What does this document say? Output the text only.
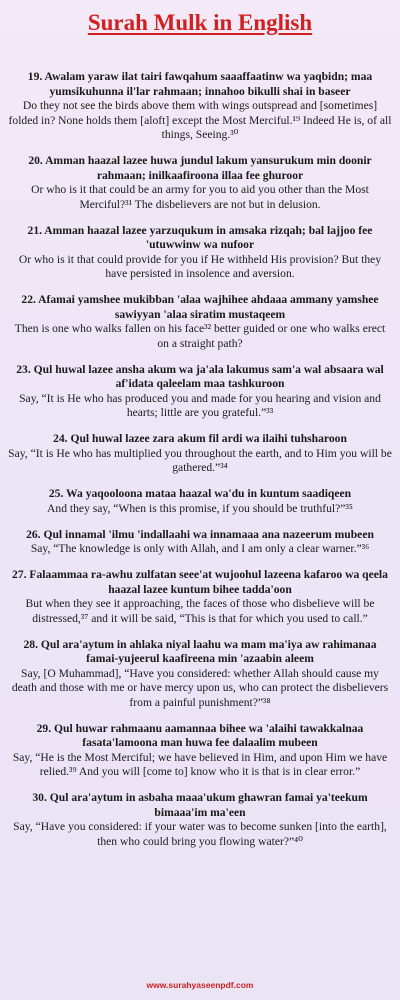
Surah Mulk in English
19. Awalam yaraw ilat tairi fawqahum saaaffaatinw wa yaqbidn; maa yumsikuhunna il'lar rahmaan; innahoo bikulli shai in baseer
Do they not see the birds above them with wings outspread and [sometimes] folded in? None holds them [aloft] except the Most Merciful.¹⁹ Indeed He is, of all things, Seeing.³⁰
20. Amman haazal lazee huwa jundul lakum yansurukum min doonir rahmaan; inilkaafiroona illaa fee ghuroor
Or who is it that could be an army for you to aid you other than the Most Merciful?³¹ The disbelievers are not but in delusion.
21. Amman haazal lazee yarzuqukum in amsaka rizqah; bal lajjoo fee 'utuwwinw wa nufoor
Or who is it that could provide for you if He withheld His provision? But they have persisted in insolence and aversion.
22. Afamai yamshee mukibban 'alaa wajhihee ahdaaa ammany yamshee sawiyyan 'alaa siratim mustaqeem
Then is one who walks fallen on his face³² better guided or one who walks erect on a straight path?
23. Qul huwal lazee ansha akum wa ja'ala lakumus sam'a wal absaara wal af'idata qaleelam maa tashkuroon
Say, “It is He who has produced you and made for you hearing and vision and hearts; little are you grateful.”³³
24. Qul huwal lazee zara akum fil ardi wa ilaihi tuhsharoon
Say, “It is He who has multiplied you throughout the earth, and to Him you will be gathered.”³⁴
25. Wa yaqooloona mataa haazal wa'du in kuntum saadiqeen
And they say, “When is this promise, if you should be truthful?”³⁵
26. Qul innamal 'ilmu 'indallaahi wa innamaaa ana nazeerum mubeen
Say, “The knowledge is only with Allah, and I am only a clear warner.”³⁶
27. Falaammaa ra-awhu zulfatan seee'at wujoohul lazeena kafaroo wa qeela haazal lazee kuntum bihee tadda'oon
But when they see it approaching, the faces of those who disbelieve will be distressed,³⁷ and it will be said, “This is that for which you used to call.”
28. Qul ara'aytum in ahlaka niyal laahu wa mam ma'iya aw rahimanaa famai-yujeerul kaafireena min 'azaabin aleem
Say, [O Muhammad], “Have you considered: whether Allah should cause my death and those with me or have mercy upon us, who can protect the disbelievers from a painful punishment?”³⁸
29. Qul huwar rahmaanu aamannaa bihee wa 'alaihi tawakkalnaa fasata'lamoona man huwa fee dalaalim mubeen
Say, “He is the Most Merciful; we have believed in Him, and upon Him we have relied.³⁹ And you will [come to] know who it is that is in clear error.”
30. Qul ara'aytum in asbaha maaa'ukum ghawran famai ya'teekum bimaaa'im ma'een
Say, “Have you considered: if your water was to become sunken [into the earth], then who could bring you flowing water?”⁴⁰
www.surahyaseenpdf.com
